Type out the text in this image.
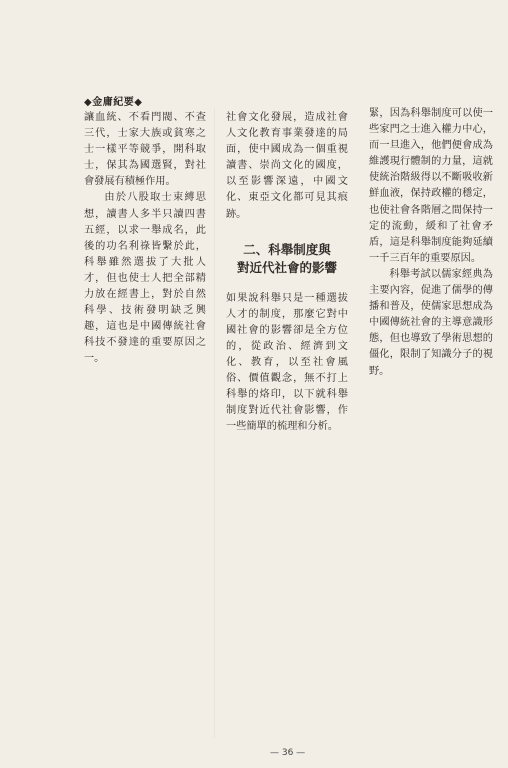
◆金庸紀要◆

讓血統、不看門閥、不查三代，士家大族或貧寒之士一樣平等競爭，開科取士，保其為國選賢，對社會發展有積極作用。

由於八股取士束縛思想，讀書人多半只讀四書五經，以求一舉成名，此後的功名利祿皆繫於此，科舉雖然選拔了大批人才，但也使士人把全部精力放在經書上，對於自然科學、技術發明缺乏興趣，這也是中國傳統社會科技不發達的重要原因之一。

社會文化發展，造成社會人文化教育事業發達的局面，使中國成為一個重視讀書、崇尚文化的國度，以至影響深遠，中國文化、東亞文化都可見其痕跡。

二、科舉制度與
對近代社會的影響

如果說科舉只是一種選拔人才的制度，那麼它對中國社會的影響卻是全方位的，從政治、經濟到文化、教育，以至社會風俗、價值觀念，無不打上科舉的烙印，以下就科舉制度對近代社會影響，作一些簡單的梳理和分析。

緊，因為科舉制度可以使一些家門之士進入權力中心，而一旦進入，他們便會成為維護現行體制的力量，這就使統治階級得以不斷吸收新鮮血液，保持政權的穩定，也使社會各階層之間保持一定的流動，緩和了社會矛盾，這是科舉制度能夠延續一千三百年的重要原因。

科舉考試以儒家經典為主要內容，促進了儒學的傳播和普及，使儒家思想成為中國傳統社會的主導意識形態，但也導致了學術思想的僵化，限制了知識分子的視野。

— 36 —
